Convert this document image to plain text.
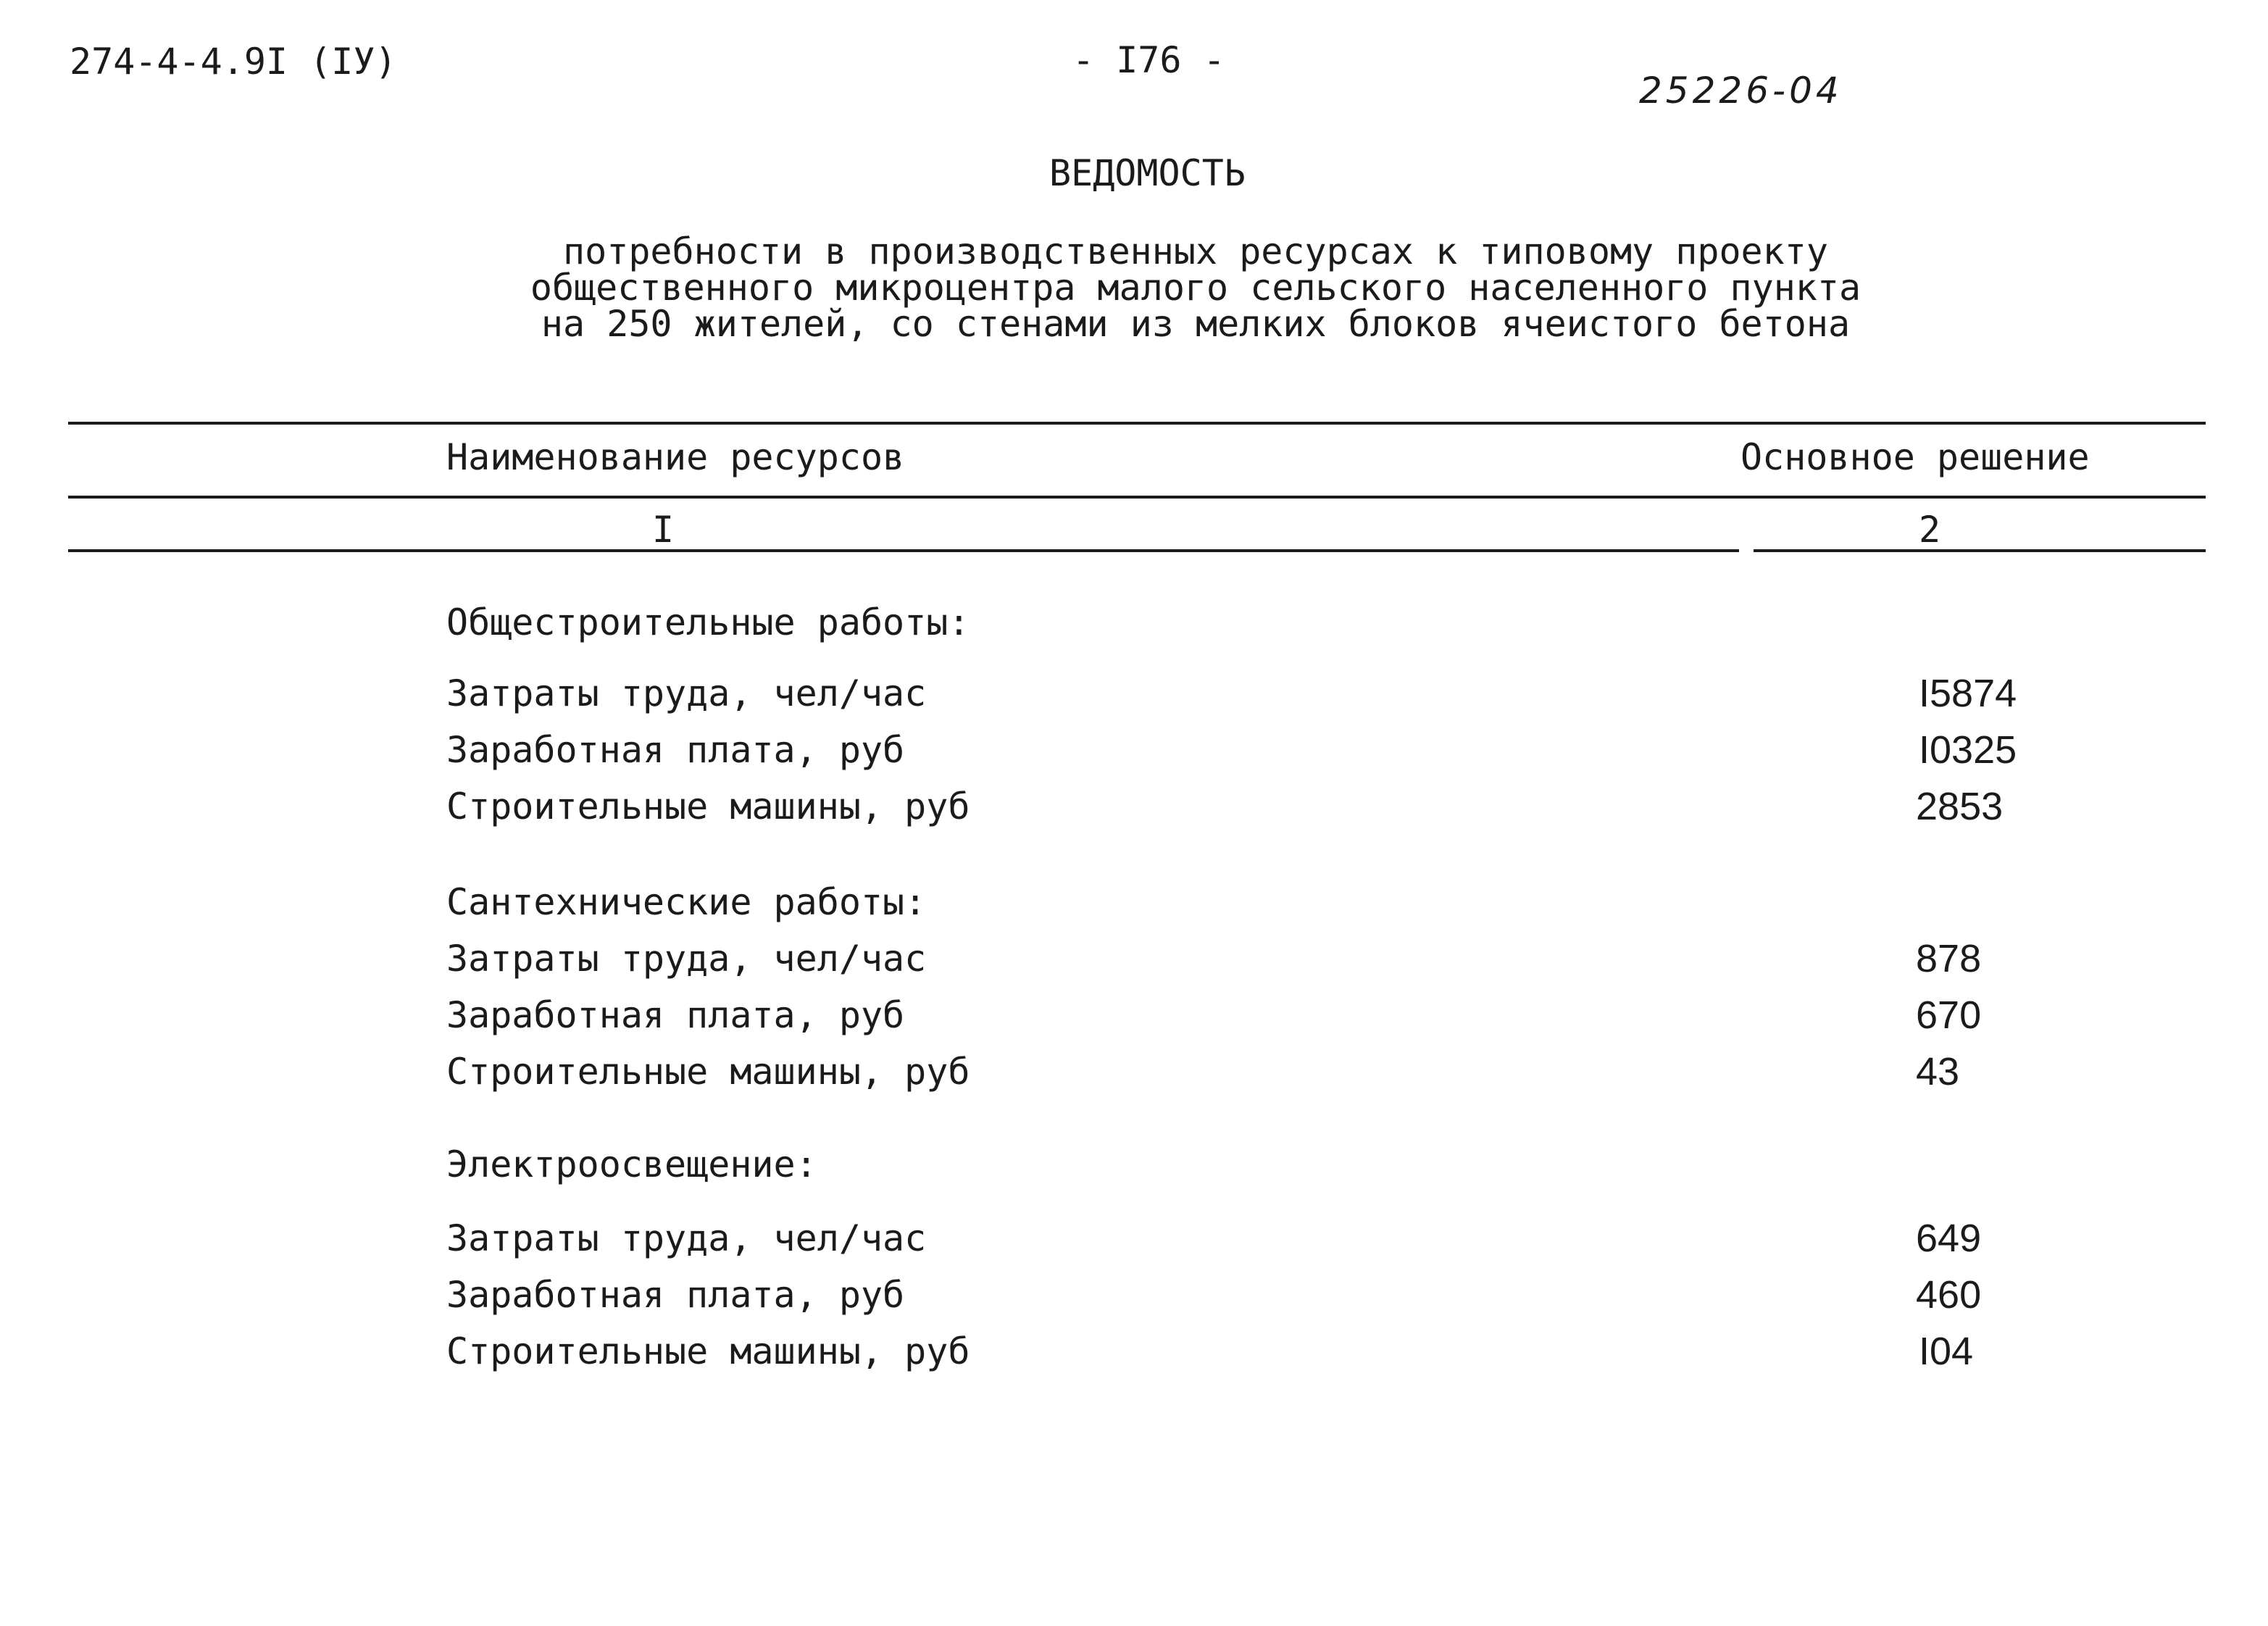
274-4-4.9I (IУ)	- I76 -
25226-04
ВЕДОМОСТЬ
потребности в производственных ресурсах к типовому проекту
общественного микроцентра малого сельского населенного пункта
на 250 жителей, со стенами из мелких блоков ячеистого бетона
Наименование ресурсов	Основное решение
I	2
Общестроительные работы:
Затраты труда, чел/час	I5874
Заработная плата, руб	I0325
Строительные машины, руб	2853
Сантехнические работы:
Затраты труда, чел/час	878
Заработная плата, руб	670
Строительные машины, руб	43
Электроосвещение:
Затраты труда, чел/час	649
Заработная плата, руб	460
Строительные машины, руб	I04
